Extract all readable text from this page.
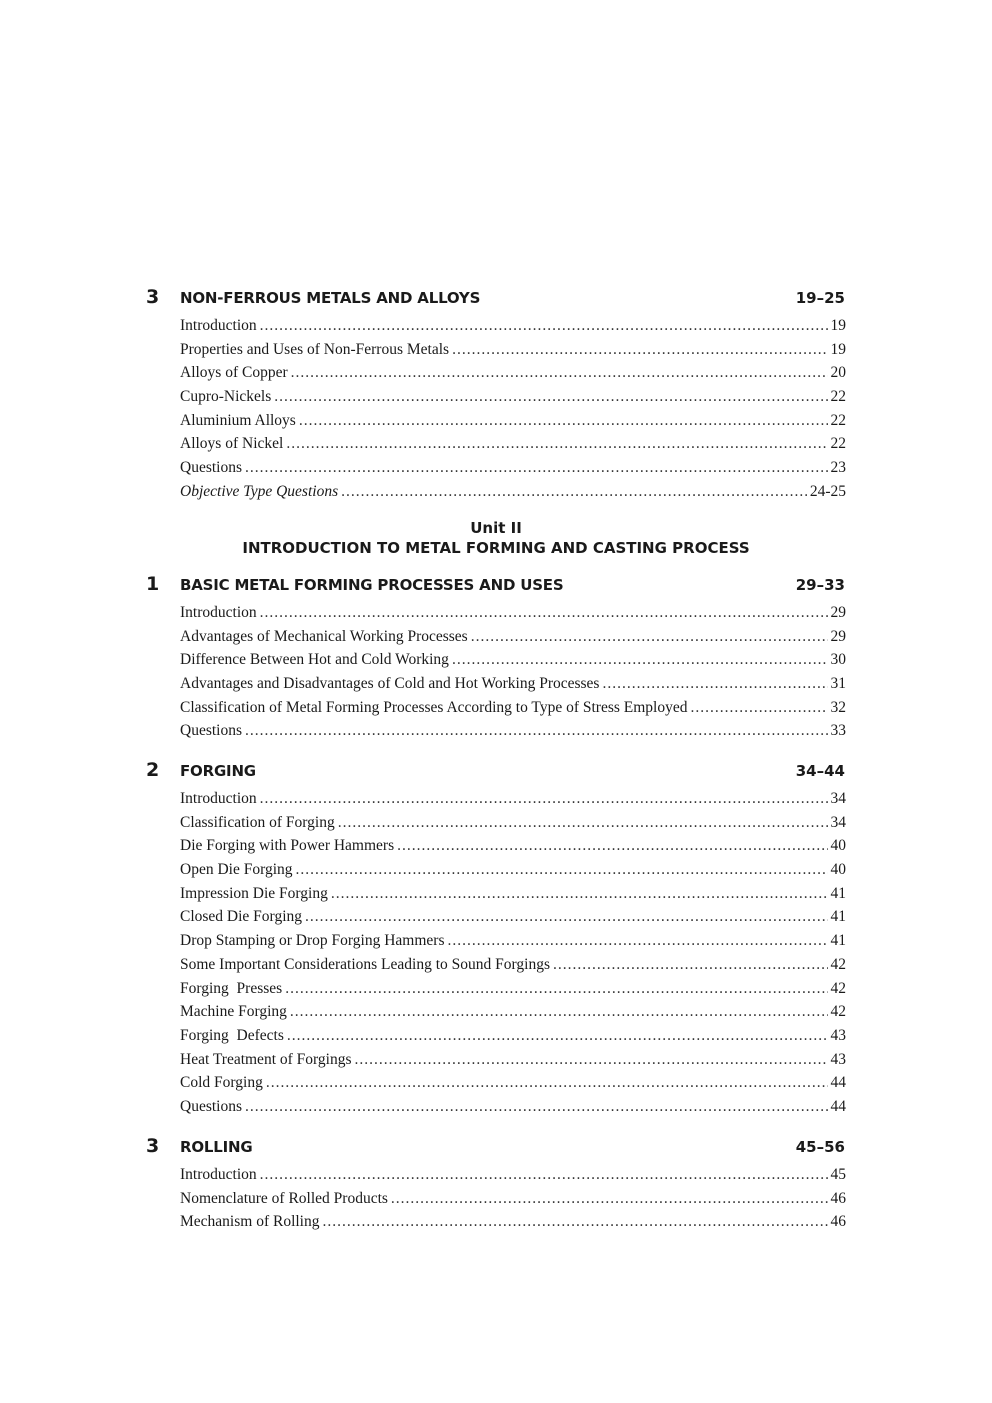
3 NON-FERROUS METALS AND ALLOYS	19–25
Introduction .....	19
Properties and Uses of Non-Ferrous Metals .....	19
Alloys of Copper .....	20
Cupro-Nickels .....	22
Aluminium Alloys .....	22
Alloys of Nickel .....	22
Questions .....	23
Objective Type Questions .....	24-25
Unit II
INTRODUCTION TO METAL FORMING AND CASTING PROCESS
1 BASIC METAL FORMING PROCESSES AND USES	29–33
Introduction .....	29
Advantages of Mechanical Working Processes .....	29
Difference Between Hot and Cold Working .....	30
Advantages and Disadvantages of Cold and Hot Working Processes .....	31
Classification of Metal Forming Processes According to Type of Stress Employed .....	32
Questions .....	33
2 FORGING	34–44
Introduction .....	34
Classification of Forging .....	34
Die Forging with Power Hammers .....	40
Open Die Forging .....	40
Impression Die Forging .....	41
Closed Die Forging .....	41
Drop Stamping or Drop Forging Hammers .....	41
Some Important Considerations Leading to Sound Forgings .....	42
Forging  Presses .....	42
Machine Forging .....	42
Forging  Defects .....	43
Heat Treatment of Forgings .....	43
Cold Forging .....	44
Questions .....	44
3 ROLLING	45–56
Introduction .....	45
Nomenclature of Rolled Products .....	46
Mechanism of Rolling .....	46
